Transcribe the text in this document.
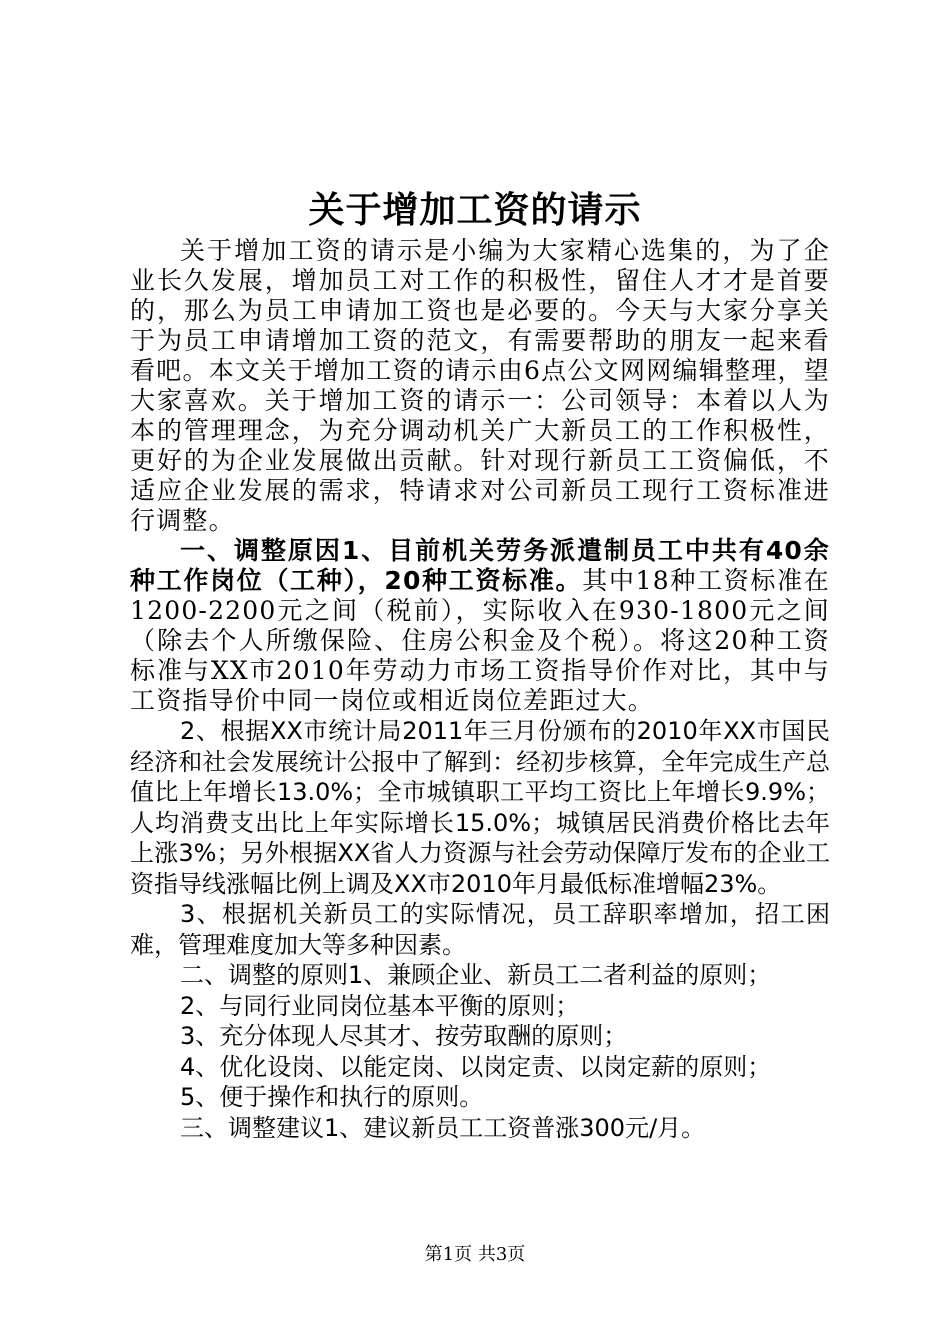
关于增加工资的请示

关于增加工资的请示是小编为大家精心选集的，为了企业长久发展，增加员工对工作的积极性，留住人才才是首要的，那么为员工申请加工资也是必要的。今天与大家分享关于为员工申请增加工资的范文，有需要帮助的朋友一起来看看吧。本文关于增加工资的请示由6点公文网网编辑整理，望大家喜欢。关于增加工资的请示一：公司领导：本着以人为本的管理理念，为充分调动机关广大新员工的工作积极性，更好的为企业发展做出贡献。针对现行新员工工资偏低，不适应企业发展的需求，特请求对公司新员工现行工资标准进行调整。

一、调整原因1、目前机关劳务派遣制员工中共有40余种工作岗位（工种），20种工资标准。其中18种工资标准在1200-2200元之间（税前），实际收入在930-1800元之间（除去个人所缴保险、住房公积金及个税）。将这20种工资标准与XX市2010年劳动力市场工资指导价作对比，其中与工资指导价中同一岗位或相近岗位差距过大。

2、根据XX市统计局2011年三月份颁布的2010年XX市国民经济和社会发展统计公报中了解到：经初步核算，全年完成生产总值比上年增长13.0%；全市城镇职工平均工资比上年增长9.9%；人均消费支出比上年实际增长15.0%；城镇居民消费价格比去年上涨3%；另外根据XX省人力资源与社会劳动保障厅发布的企业工资指导线涨幅比例上调及XX市2010年月最低标准增幅23%。

3、根据机关新员工的实际情况，员工辞职率增加，招工困难，管理难度加大等多种因素。

二、调整的原则1、兼顾企业、新员工二者利益的原则；

2、与同行业同岗位基本平衡的原则；

3、充分体现人尽其才、按劳取酬的原则；

4、优化设岗、以能定岗、以岗定责、以岗定薪的原则；

5、便于操作和执行的原则。

三、调整建议1、建议新员工工资普涨300元/月。

第1页 共3页
